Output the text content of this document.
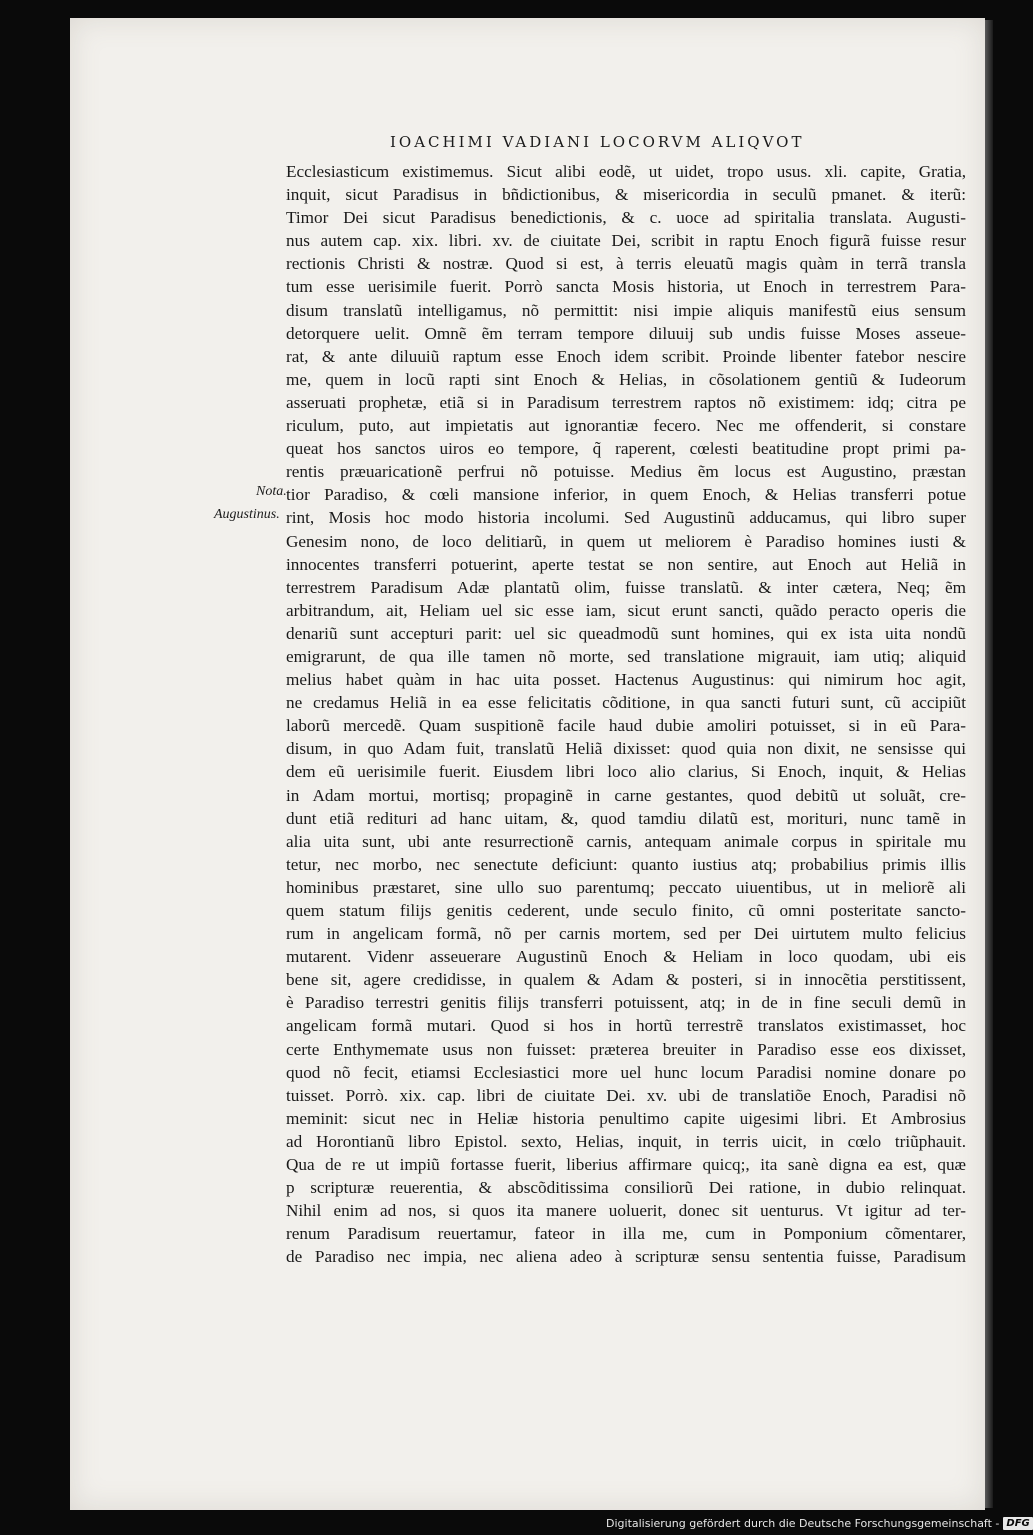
IOACHIMI VADIANI LOCORVM ALIQVOT
Nota.
Augustinus.
Ecclesiasticum existimemus. Sicut alibi eodẽ, ut uidet, tropo usus. xli. capite, Gratia,
inquit, sicut Paradisus in bñdictionibus, & misericordia in seculũ pmanet. & iterũ:
Timor Dei sicut Paradisus benedictionis, & c. uoce ad spiritalia translata. Augusti-
nus autem cap. xix. libri. xv. de ciuitate Dei, scribit in raptu Enoch figurã fuisse resur
rectionis Christi & nostræ. Quod si est, à terris eleuatũ magis quàm in terrã transla
tum esse uerisimile fuerit. Porrò sancta Mosis historia, ut Enoch in terrestrem Para-
disum translatũ intelligamus, nõ permittit: nisi impie aliquis manifestũ eius sensum
detorquere uelit. Omnẽ ẽm terram tempore diluuij sub undis fuisse Moses asseue-
rat, & ante diluuiũ raptum esse Enoch idem scribit. Proinde libenter fatebor nescire
me, quem in locũ rapti sint Enoch & Helias, in cõsolationem gentiũ & Iudeorum
asseruati prophetæ, etiã si in Paradisum terrestrem raptos nõ existimem: idq; citra pe
riculum, puto, aut impietatis aut ignorantiæ fecero. Nec me offenderit, si constare
queat hos sanctos uiros eo tempore, q̃ raperent, cœlesti beatitudine propt primi pa-
rentis præuaricationẽ perfrui nõ potuisse. Medius ẽm locus est Augustino, præstan
tior Paradiso, & cœli mansione inferior, in quem Enoch, & Helias transferri potue
rint, Mosis hoc modo historia incolumi. Sed Augustinũ adducamus, qui libro super
Genesim nono, de loco delitiarũ, in quem ut meliorem è Paradiso homines iusti &
innocentes transferri potuerint, aperte testat se non sentire, aut Enoch aut Heliã in
terrestrem Paradisum Adæ plantatũ olim, fuisse translatũ. & inter cætera, Neq; ẽm
arbitrandum, ait, Heliam uel sic esse iam, sicut erunt sancti, quãdo peracto operis die
denariũ sunt accepturi parit: uel sic queadmodũ sunt homines, qui ex ista uita nondũ
emigrarunt, de qua ille tamen nõ morte, sed translatione migrauit, iam utiq; aliquid
melius habet quàm in hac uita posset. Hactenus Augustinus: qui nimirum hoc agit,
ne credamus Heliã in ea esse felicitatis cõditione, in qua sancti futuri sunt, cũ accipiũt
laborũ mercedẽ. Quam suspitionẽ facile haud dubie amoliri potuisset, si in eũ Para-
disum, in quo Adam fuit, translatũ Heliã dixisset: quod quia non dixit, ne sensisse qui
dem eũ uerisimile fuerit. Eiusdem libri loco alio clarius, Si Enoch, inquit, & Helias
in Adam mortui, mortisq; propaginẽ in carne gestantes, quod debitũ ut soluãt, cre-
dunt etiã redituri ad hanc uitam, &, quod tamdiu dilatũ est, morituri, nunc tamẽ in
alia uita sunt, ubi ante resurrectionẽ carnis, antequam animale corpus in spiritale mu
tetur, nec morbo, nec senectute deficiunt: quanto iustius atq; probabilius primis illis
hominibus præstaret, sine ullo suo parentumq; peccato uiuentibus, ut in meliorẽ ali
quem statum filijs genitis cederent, unde seculo finito, cũ omni posteritate sancto-
rum in angelicam formã, nõ per carnis mortem, sed per Dei uirtutem multo felicius
mutarent. Videnr asseuerare Augustinũ Enoch & Heliam in loco quodam, ubi eis
bene sit, agere credidisse, in qualem & Adam & posteri, si in innocẽtia perstitissent,
è Paradiso terrestri genitis filijs transferri potuissent, atq; in de in fine seculi demũ in
angelicam formã mutari. Quod si hos in hortũ terrestrẽ translatos existimasset, hoc
certe Enthymemate usus non fuisset: præterea breuiter in Paradiso esse eos dixisset,
quod nõ fecit, etiamsi Ecclesiastici more uel hunc locum Paradisi nomine donare po
tuisset. Porrò. xix. cap. libri de ciuitate Dei. xv. ubi de translatiõe Enoch, Paradisi nõ
meminit: sicut nec in Heliæ historia penultimo capite uigesimi libri. Et Ambrosius
ad Horontianũ libro Epistol. sexto, Helias, inquit, in terris uicit, in cœlo triũphauit.
Qua de re ut impiũ fortasse fuerit, liberius affirmare quicq;, ita sanè digna ea est, quæ
p scripturæ reuerentia, & abscõditissima consiliorũ Dei ratione, in dubio relinquat.
Nihil enim ad nos, si quos ita manere uoluerit, donec sit uenturus. Vt igitur ad ter-
renum Paradisum reuertamur, fateor in illa me, cum in Pomponium cõmentarer,
de Paradiso nec impia, nec aliena adeo à scripturæ sensu sententia fuisse, Paradisum
Digitalisierung gefördert durch die Deutsche Forschungsgemeinschaft - DFG
